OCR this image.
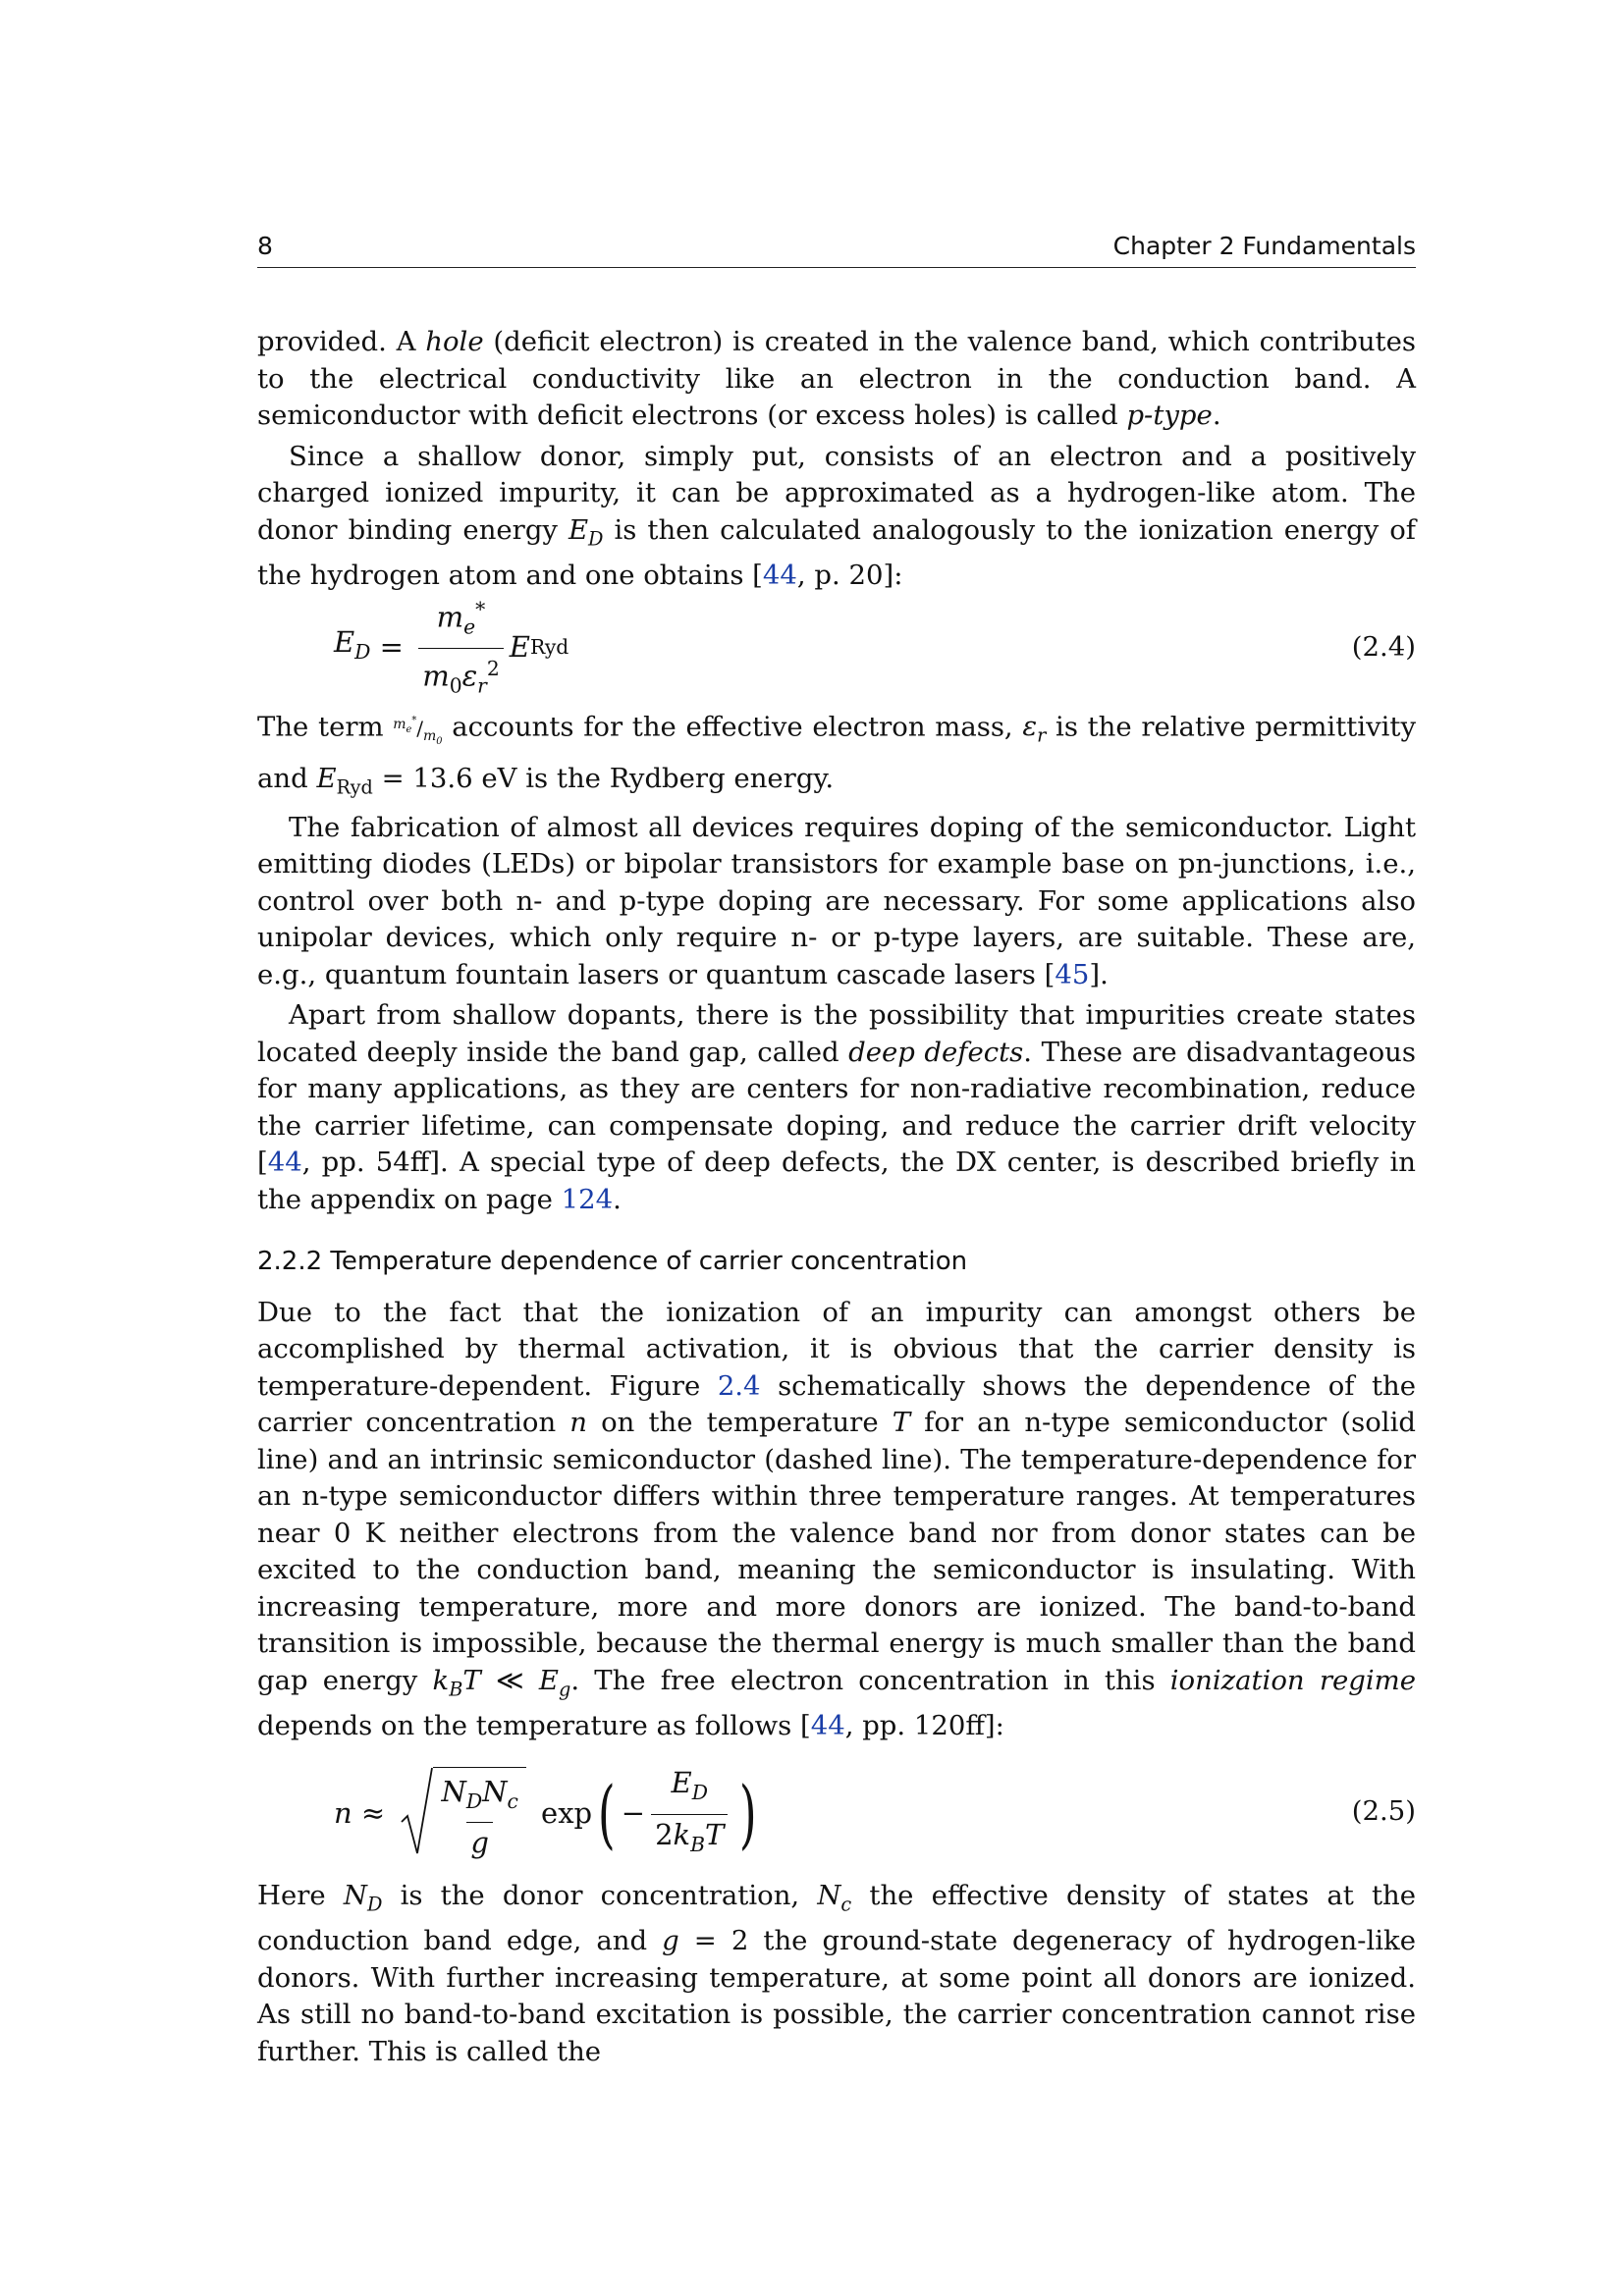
8	Chapter 2 Fundamentals

provided. A hole (deficit electron) is created in the valence band, which contributes to the electrical conductivity like an electron in the conduction band. A semiconductor with deficit electrons (or excess holes) is called p-type.

Since a shallow donor, simply put, consists of an electron and a positively charged ionized impurity, it can be approximated as a hydrogen-like atom. The donor binding energy $E_D$ is then calculated analogously to the ionization energy of the hydrogen atom and one obtains [44, p. 20]:

$E_D = \frac{m_e^*}{m_0\varepsilon_r^2}$ E Ryd	(2.4)

The term $^{m_e^*}/_{m_0}$ accounts for the effective electron mass, $\varepsilon_r$ is the relative permittivity and $E_{Ryd} = 13.6$ eV is the Rydberg energy.

The fabrication of almost all devices requires doping of the semiconductor. Light emitting diodes (LEDs) or bipolar transistors for example base on pn-junctions, i.e., control over both n- and p-type doping are necessary. For some applications also unipolar devices, which only require n- or p-type layers, are suitable. These are, e.g., quantum fountain lasers or quantum cascade lasers [45].

Apart from shallow dopants, there is the possibility that impurities create states located deeply inside the band gap, called deep defects. These are disadvantageous for many applications, as they are centers for non-radiative recombination, reduce the carrier lifetime, can compensate doping, and reduce the carrier drift velocity [44, pp. 54ff]. A special type of deep defects, the DX center, is described briefly in the appendix on page 124.

2.2.2 Temperature dependence of carrier concentration

Due to the fact that the ionization of an impurity can amongst others be accomplished by thermal activation, it is obvious that the carrier density is temperature-dependent. Figure 2.4 schematically shows the dependence of the carrier concentration n on the temperature T for an n-type semiconductor (solid line) and an intrinsic semiconductor (dashed line). The temperature-dependence for an n-type semiconductor differs within three temperature ranges. At temperatures near 0 K neither electrons from the valence band nor from donor states can be excited to the conduction band, meaning the semiconductor is insulating. With increasing temperature, more and more donors are ionized. The band-to-band transition is impossible, because the thermal energy is much smaller than the band gap energy $k_BT$ ≪ $E_g$. The free electron concentration in this ionization regime depends on the temperature as follows [44, pp. 120ff]:

$n \approx \frac{N_DN_c}{g}$ exp ( − $\frac{E_D}{2k_BT}$ )	(2.5)

Here $N_D$ is the donor concentration, $N_c$ the effective density of states at the conduction band edge, and g = 2 the ground-state degeneracy of hydrogen-like donors. With further increasing temperature, at some point all donors are ionized. As still no band-to-band excitation is possible, the carrier concentration cannot rise further. This is called the
